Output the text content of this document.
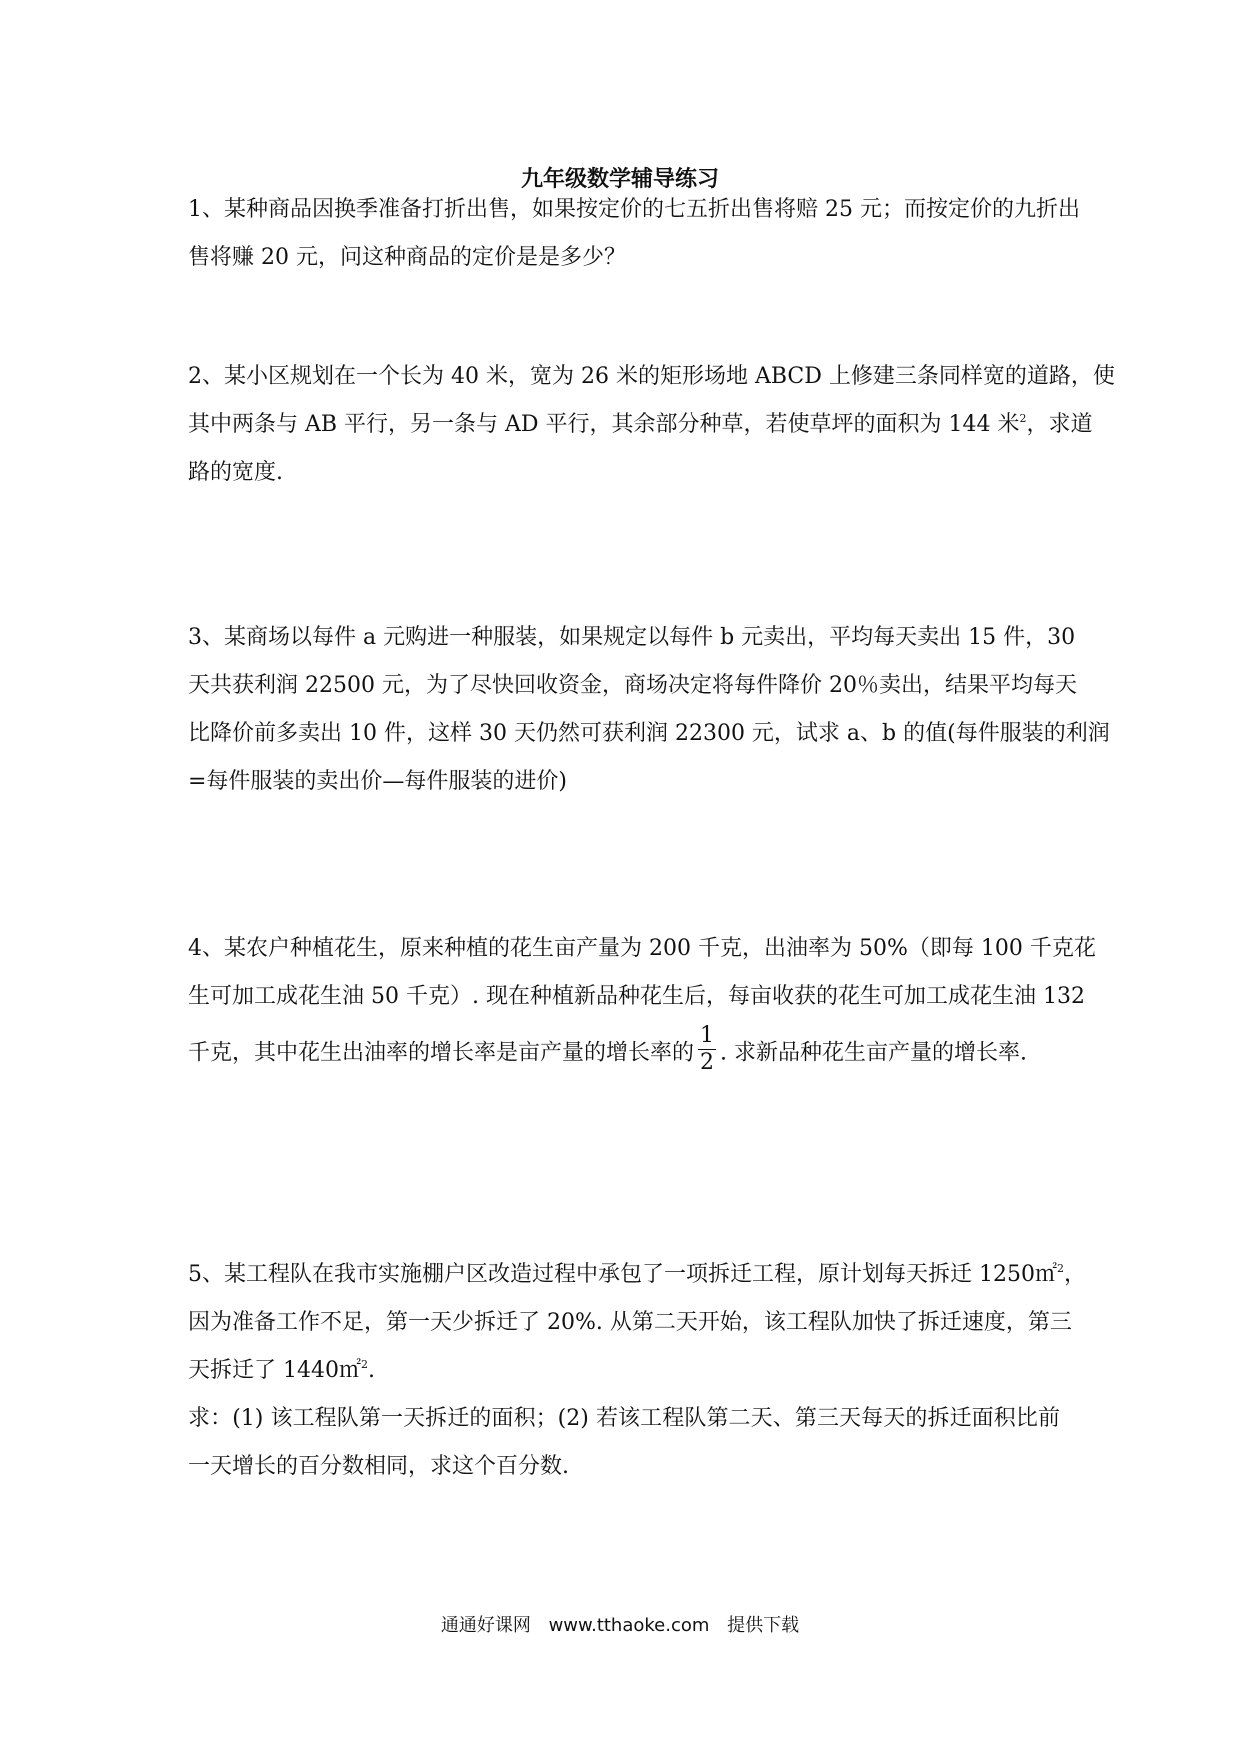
九年级数学辅导练习
1、某种商品因换季准备打折出售，如果按定价的七五折出售将赔 25 元；而按定价的九折出
售将赚 20 元，问这种商品的定价是是多少？
2、某小区规划在一个长为 40 米，宽为 26 米的矩形场地 ABCD 上修建三条同样宽的道路，使
其中两条与 AB 平行，另一条与 AD 平行，其余部分种草，若使草坪的面积为 144 米$^2$，求道
路的宽度.
3、某商场以每件 a 元购进一种服装，如果规定以每件 b 元卖出，平均每天卖出 15 件，30
天共获利润 22500 元，为了尽快回收资金，商场决定将每件降价 20％卖出，结果平均每天
比降价前多卖出 10 件，这样 30 天仍然可获利润 22300 元，试求 a、b 的值(每件服装的利润
=每件服装的卖出价—每件服装的进价)
4、某农户种植花生，原来种植的花生亩产量为 200 千克，出油率为 50%（即每 100 千克花
生可加工成花生油 50 千克）. 现在种植新品种花生后，每亩收获的花生可加工成花生油 132
千克，其中花生出油率的增长率是亩产量的增长率的 $\frac{1}{2}$ . 求新品种花生亩产量的增长率.
5、某工程队在我市实施棚户区改造过程中承包了一项拆迁工程，原计划每天拆迁 1250㎡$^2$，
因为准备工作不足，第一天少拆迁了 20%. 从第二天开始，该工程队加快了拆迁速度，第三
天拆迁了 1440㎡$^2$.
求：(1) 该工程队第一天拆迁的面积；(2) 若该工程队第二天、第三天每天的拆迁面积比前
一天增长的百分数相同，求这个百分数.
通通好课网 www.tthaoke.com 提供下载
